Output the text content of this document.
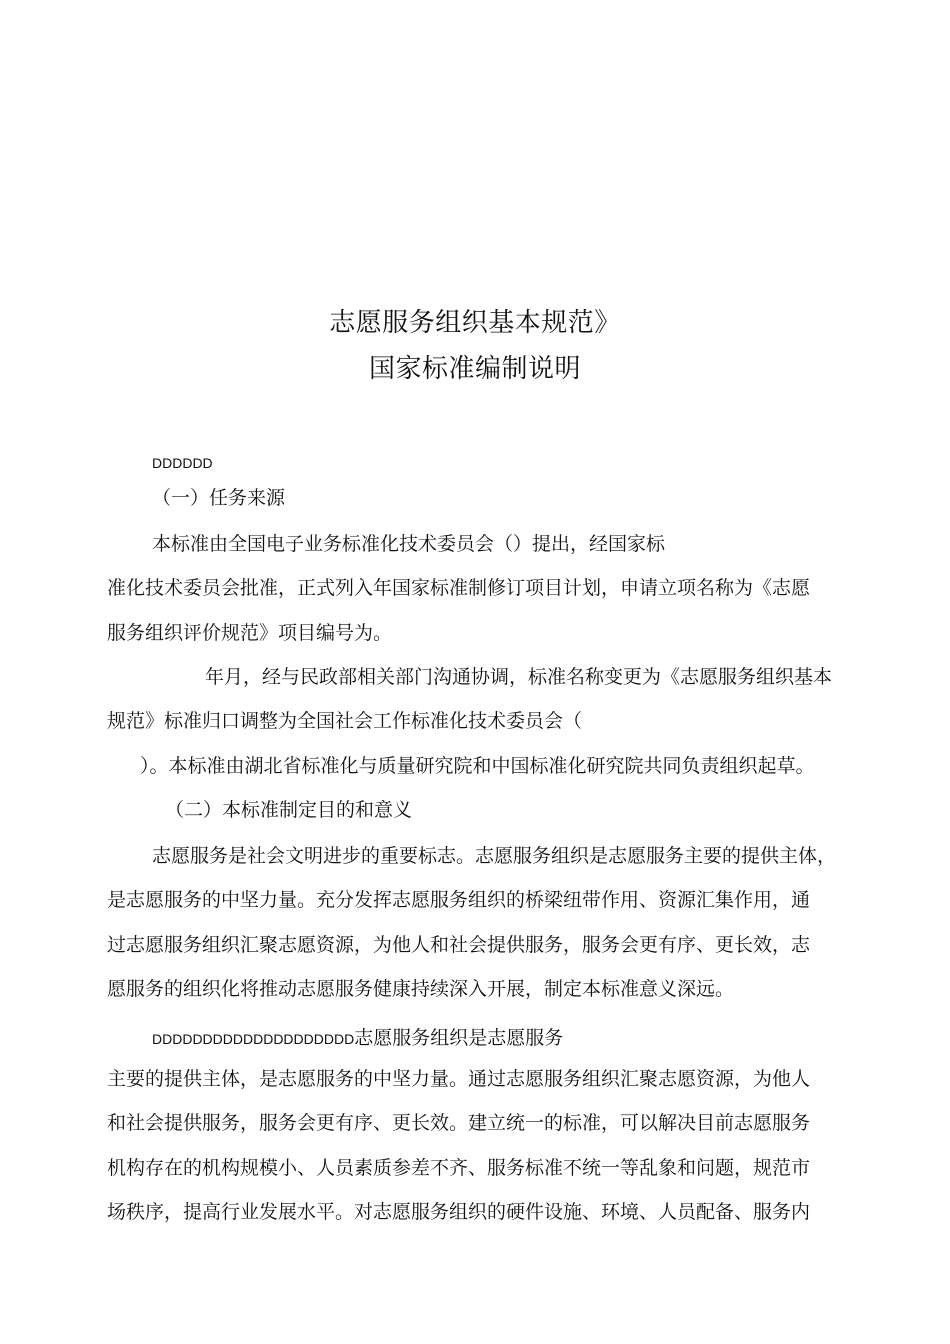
志愿服务组织基本规范》
国家标准编制说明
DDDDDD
（一）任务来源
本标准由全国电子业务标准化技术委员会（）提出，经国家标
准化技术委员会批准，正式列入年国家标准制修订项目计划，申请立项名称为《志愿
服务组织评价规范》项目编号为。
年月，经与民政部相关部门沟通协调，标准名称变更为《志愿服务组织基本
规范》标准归口调整为全国社会工作标准化技术委员会（
）。本标准由湖北省标准化与质量研究院和中国标准化研究院共同负责组织起草。
（二）本标准制定目的和意义
志愿服务是社会文明进步的重要标志。志愿服务组织是志愿服务主要的提供主体，
是志愿服务的中坚力量。充分发挥志愿服务组织的桥梁纽带作用、资源汇集作用，通
过志愿服务组织汇聚志愿资源，为他人和社会提供服务，服务会更有序、更长效，志
愿服务的组织化将推动志愿服务健康持续深入开展，制定本标准意义深远。
DDDDDDDDDDDDDDDDDDDD志愿服务组织是志愿服务
主要的提供主体，是志愿服务的中坚力量。通过志愿服务组织汇聚志愿资源，为他人
和社会提供服务，服务会更有序、更长效。建立统一的标准，可以解决目前志愿服务
机构存在的机构规模小、人员素质参差不齐、服务标准不统一等乱象和问题，规范市
场秩序，提高行业发展水平。对志愿服务组织的硬件设施、环境、人员配备、服务内
